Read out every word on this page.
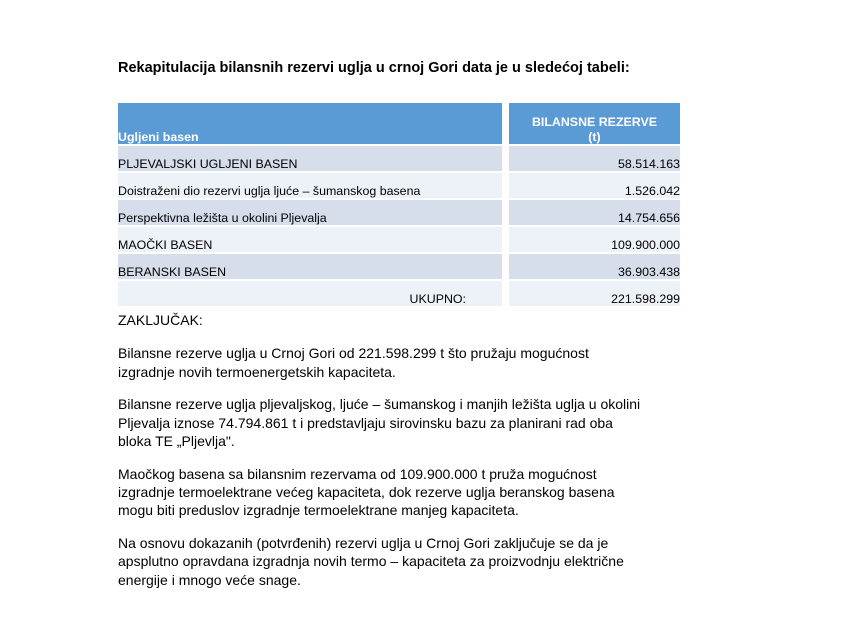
Rekapitulacija bilansnih rezervi uglja u crnoj Gori data je u sledećoj tabeli:
Ugljeni basen		BILANSNE REZERVE
(t)

PLJEVALJSKI UGLJENI BASEN		58.514.163

Doistraženi dio rezervi uglja ljuće – šumanskog basena		1.526.042

Perspektivna ležišta u okolini Pljevalja		14.754.656

MAOČKI BASEN		109.900.000

BERANSKI BASEN		36.903.438

UKUPNO:		221.598.299
ZAKLJUČAK:

Bilansne rezerve uglja u Crnoj Gori od 221.598.299 t što pružaju mogućnost
izgradnje novih termoenergetskih kapaciteta.

Bilansne rezerve uglja pljevaljskog, ljuće – šumanskog i manjih ležišta uglja u okolini
Pljevalja iznose 74.794.861 t i predstavljaju sirovinsku bazu za planirani rad oba
bloka TE „Pljevlja".

Maočkog basena sa bilansnim rezervama od 109.900.000 t pruža mogućnost
izgradnje termoelektrane većeg kapaciteta, dok rezerve uglja beranskog basena
mogu biti preduslov izgradnje termoelektrane manjeg kapaciteta.

Na osnovu dokazanih (potvrđenih) rezervi uglja u Crnoj Gori zaključuje se da je
apsplutno opravdana izgradnja novih termo – kapaciteta za proizvodnju električne
energije i mnogo veće snage.
